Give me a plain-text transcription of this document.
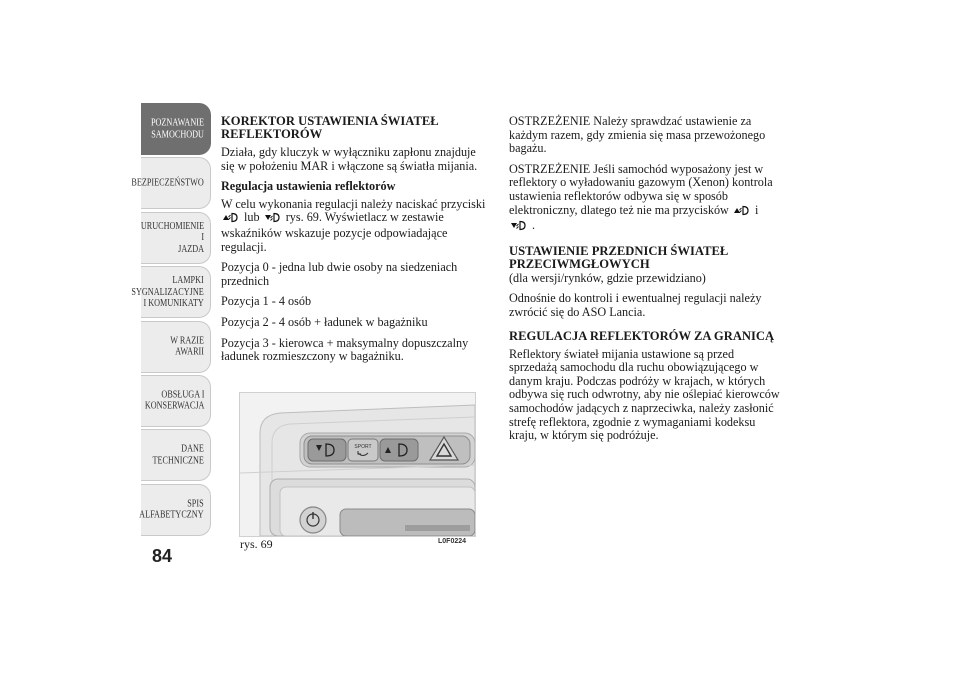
POZNAWANIE
SAMOCHODU
BEZPIECZEŃSTWO
URUCHOMIENIE I
JAZDA
LAMPKI
SYGNALIZACYJNE
I KOMUNIKATY
W RAZIE AWARII
OBSŁUGA I
KONSERWACJA
DANE
TECHNICZNE
SPIS
ALFABETYCZNY
84
KOREKTOR USTAWIENIA ŚWIATEŁ REFLEKTORÓW

Działa, gdy kluczyk w wyłączniku zapłonu znajduje się w położeniu MAR i włączone są światła mijania.

Regulacja ustawienia reflektorów

W celu wykonania regulacji należy naciskać przyciski  lub rys. 69. Wyświetlacz w zestawie wskaźników wskazuje pozycje odpowiadające regulacji.

Pozycja 0 - jedna lub dwie osoby na siedzeniach przednich

Pozycja 1 - 4 osób

Pozycja 2 - 4 osób + ładunek w bagażniku

Pozycja 3 - kierowca + maksymalny dopuszczalny ładunek rozmieszczony w bagażniku.

OSTRZEŻENIE Należy sprawdzać ustawienie za każdym razem, gdy zmienia się masa przewożonego bagażu.

OSTRZEŻENIE Jeśli samochód wyposażony jest w reflektory o wyładowaniu gazowym (Xenon) kontrola ustawienia reflektorów odbywa się w sposób elektroniczny, dlatego też nie ma przycisków i
.

USTAWIENIE PRZEDNICH ŚWIATEŁ PRZECIWMGŁOWYCH

(dla wersji/rynków, gdzie przewidziano)

Odnośnie do kontroli i ewentualnej regulacji należy zwrócić się do ASO Lancia.

REGULACJA REFLEKTORÓW ZA GRANICĄ

Reflektory świateł mijania ustawione są przed sprzedażą samochodu dla ruchu obowiązującego w danym kraju. Podczas podróży w krajach, w których odbywa się ruch odwrotny, aby nie oślepiać kierowców samochodów jadących z naprzeciwka, należy zasłonić strefę reflektora, zgodnie z wymaganiami kodeksu kraju, w którym się podróżuje.

SPORT
rys. 69	L0F0224
